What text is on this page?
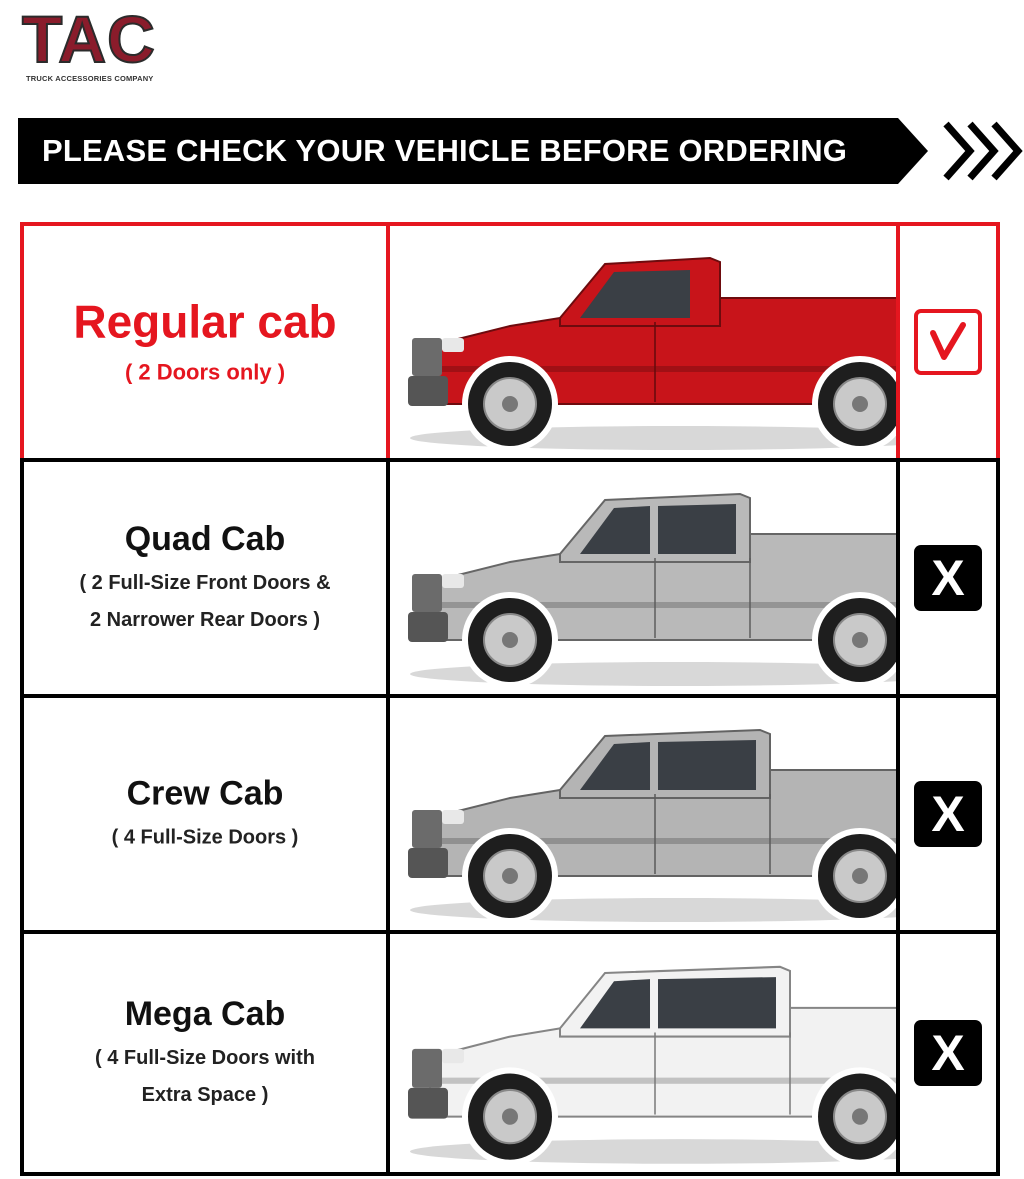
TAC
TRUCK ACCESSORIES COMPANY
PLEASE CHECK YOUR VEHICLE BEFORE ORDERING
Regular cab
( 2 Doors only )
Quad Cab
( 2 Full-Size Front Doors &
2 Narrower Rear Doors )
X
Crew Cab
( 4 Full-Size Doors )	X
Mega Cab
( 4 Full-Size Doors with
Extra Space )
X
